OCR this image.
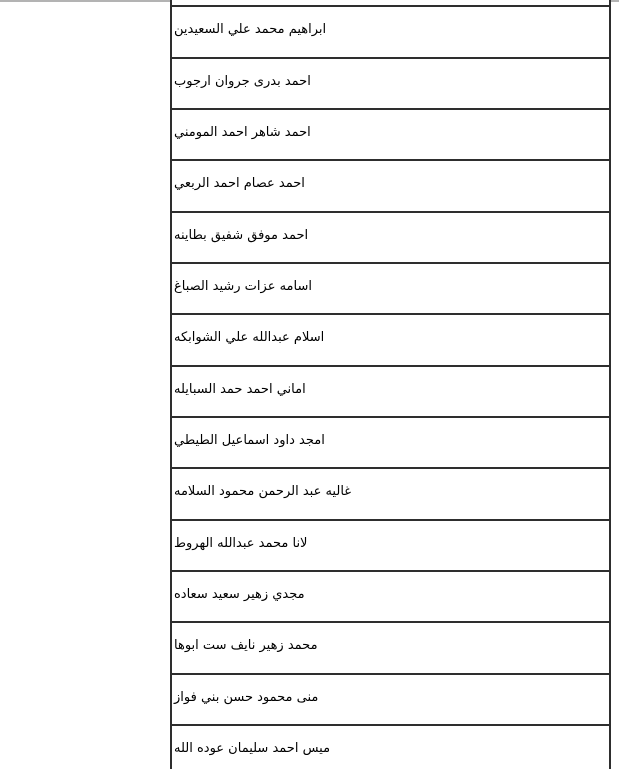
ابراهيم محمد علي السعيدين
احمد بدرى جروان ارجوب
احمد شاهر احمد المومني
احمد عصام احمد الربعي
احمد موفق شفيق بطاينه
اسامه عزات رشيد الصباغ
اسلام عبدالله علي الشوابكه
اماني احمد حمد السبايله
امجد داود اسماعيل الطيطي
غاليه عبد الرحمن محمود السلامه
لانا محمد عبدالله الهروط
مجدي زهير سعيد سعاده
محمد زهير نايف ست ابوها
منى محمود حسن بني فواز
ميس احمد سليمان عوده الله
